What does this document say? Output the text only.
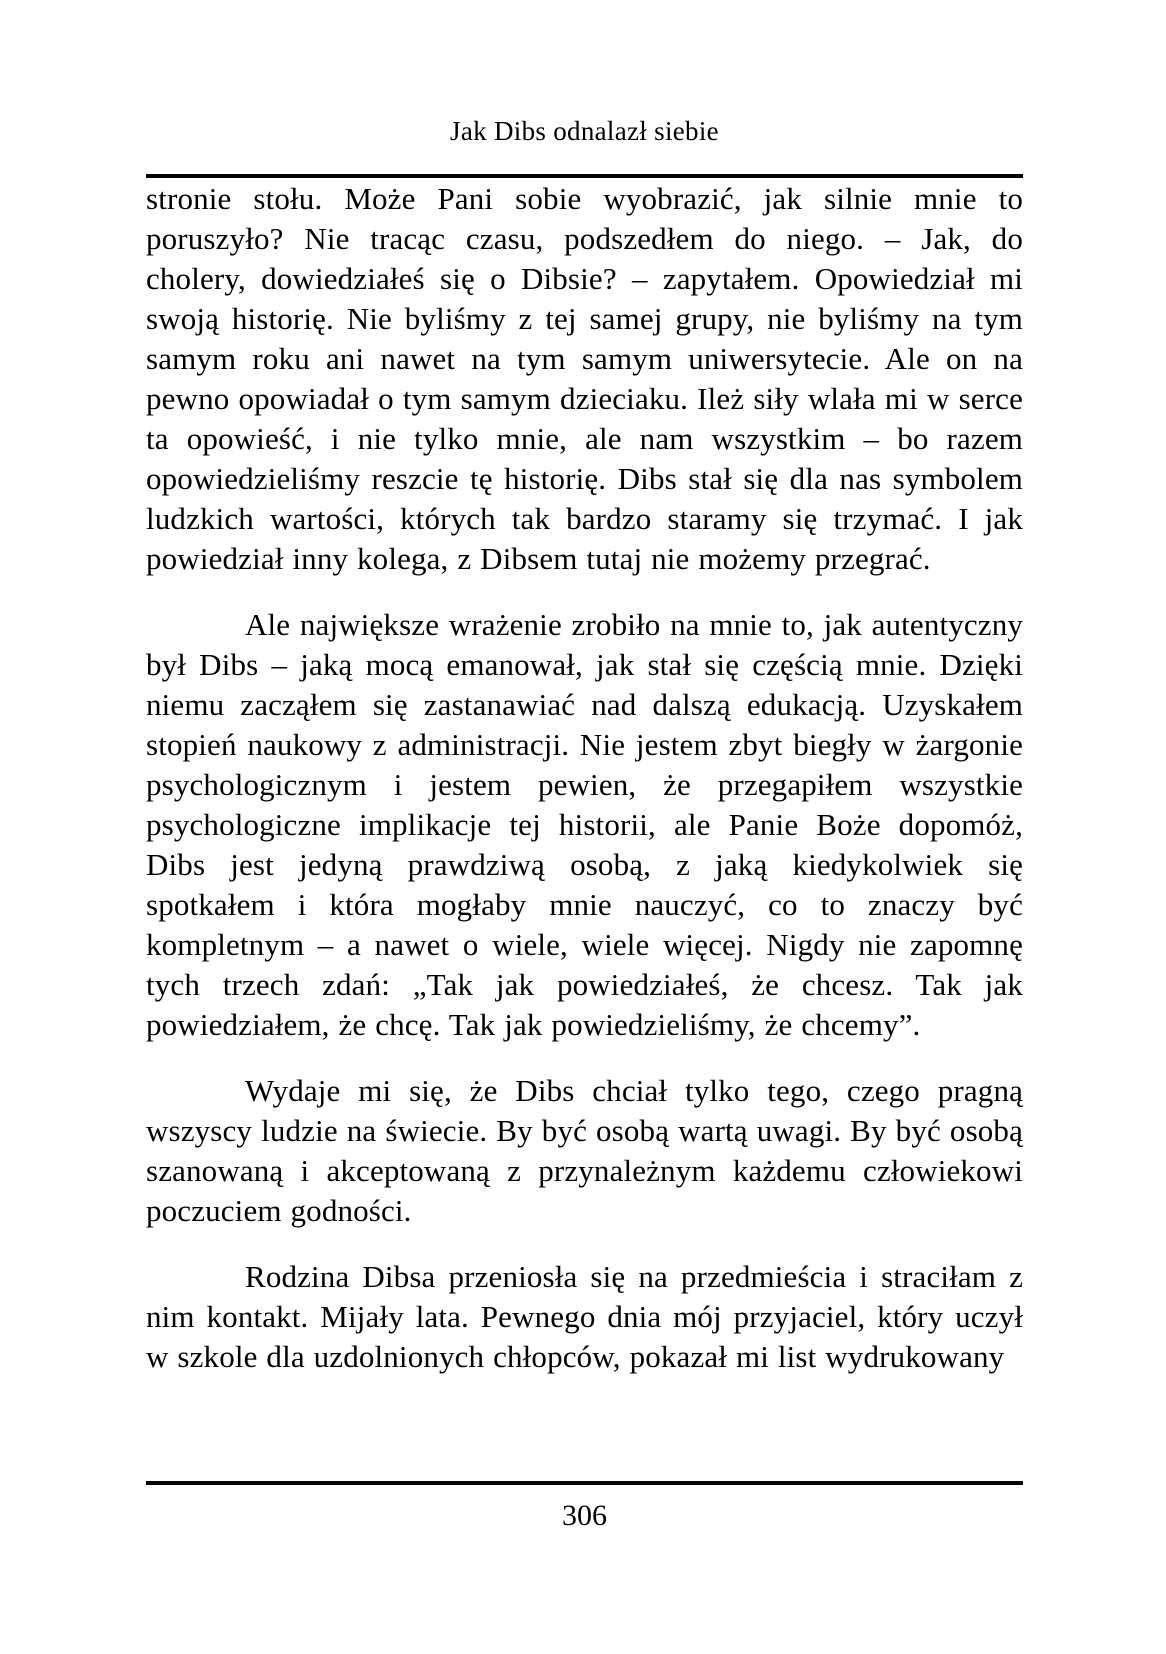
Jak Dibs odnalazł siebie

stronie stołu. Może Pani sobie wyobrazić, jak silnie mnie to poruszyło? Nie tracąc czasu, podszedłem do niego. – Jak, do cholery, dowiedziałeś się o Dibsie? – zapytałem. Opowiedział mi swoją historię. Nie byliśmy z tej samej grupy, nie byliśmy na tym samym roku ani nawet na tym samym uniwersytecie. Ale on na pewno opowiadał o tym samym dzieciaku. Ileż siły wlała mi w serce ta opowieść, i nie tylko mnie, ale nam wszystkim – bo razem opowiedzieliśmy reszcie tę historię. Dibs stał się dla nas symbolem ludzkich wartości, których tak bardzo staramy się trzymać. I jak powiedział inny kolega, z Dibsem tutaj nie możemy przegrać.

Ale największe wrażenie zrobiło na mnie to, jak autentyczny był Dibs – jaką mocą emanował, jak stał się częścią mnie. Dzięki niemu zacząłem się zastanawiać nad dalszą edukacją. Uzyskałem stopień naukowy z administracji. Nie jestem zbyt biegły w żargonie psychologicznym i jestem pewien, że przegapiłem wszystkie psychologiczne implikacje tej historii, ale Panie Boże dopomóż, Dibs jest jedyną prawdziwą osobą, z jaką kiedykolwiek się spotkałem i która mogłaby mnie nauczyć, co to znaczy być kompletnym – a nawet o wiele, wiele więcej. Nigdy nie zapomnę tych trzech zdań: „Tak jak powiedziałeś, że chcesz. Tak jak powiedziałem, że chcę. Tak jak powiedzieliśmy, że chcemy”.

Wydaje mi się, że Dibs chciał tylko tego, czego pragną wszyscy ludzie na świecie. By być osobą wartą uwagi. By być osobą szanowaną i akceptowaną z przynależnym każdemu człowiekowi poczuciem godności.

Rodzina Dibsa przeniosła się na przedmieścia i straciłam z nim kontakt. Mijały lata. Pewnego dnia mój przyjaciel, który uczył w szkole dla uzdolnionych chłopców, pokazał mi list wydrukowany

306
